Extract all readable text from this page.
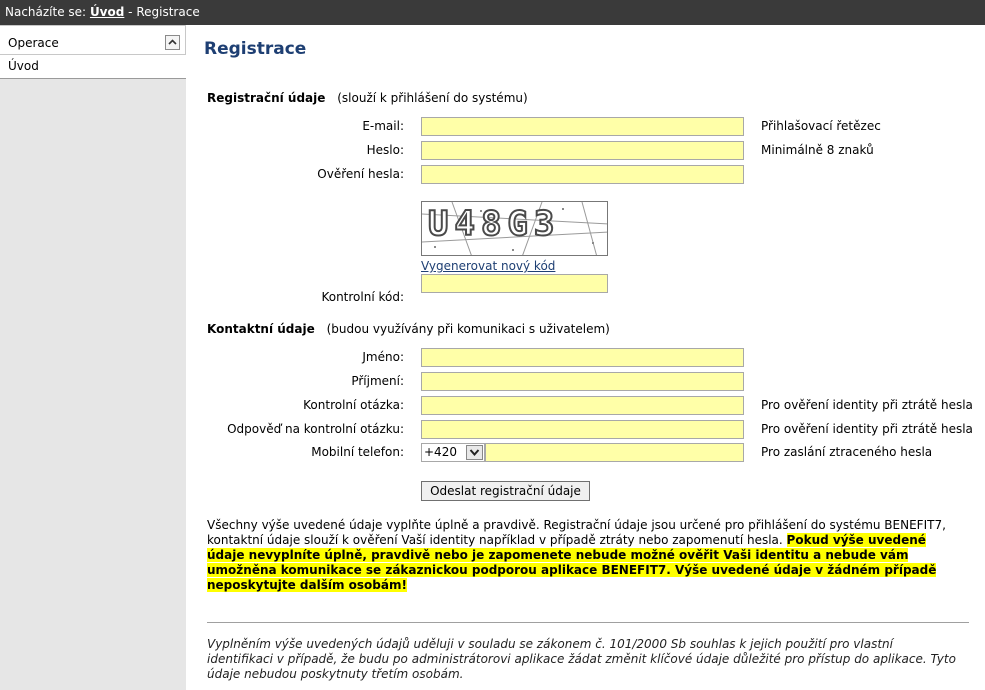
Nacházíte se: Úvod - Registrace
Operace
Úvod
Registrace
Registrační údaje (slouží k přihlášení do systému)
E-mail:	Přihlašovací řetězec
Heslo:	Minimálně 8 znaků
Ověření hesla:
U48G3
Vygenerovat nový kód
Kontrolní kód:
Kontaktní údaje (budou využívány při komunikaci s uživatelem)
Jméno:
Příjmení:
Kontrolní otázka:	Pro ověření identity při ztrátě hesla
Odpověď na kontrolní otázku:	Pro ověření identity při ztrátě hesla
Mobilní telefon: +420	Pro zaslání ztraceného hesla
Odeslat registrační údaje
Všechny výše uvedené údaje vyplňte úplně a pravdivě. Registrační údaje jsou určené pro přihlášení do systému BENEFIT7, kontaktní údaje slouží k ověření Vaší identity například v případě ztráty nebo zapomenutí hesla. Pokud výše uvedené údaje nevyplníte úplně, pravdivě nebo je zapomenete nebude možné ověřit Vaši identitu a nebude vám umožněna komunikace se zákaznickou podporou aplikace BENEFIT7. Výše uvedené údaje v žádném případě neposkytujte dalším osobám!
Vyplněním výše uvedených údajů uděluji v souladu se zákonem č. 101/2000 Sb souhlas k jejich použití pro vlastní identifikaci v případě, že budu po administrátorovi aplikace žádat změnit klíčové údaje důležité pro přístup do aplikace. Tyto údaje nebudou poskytnuty třetím osobám.
